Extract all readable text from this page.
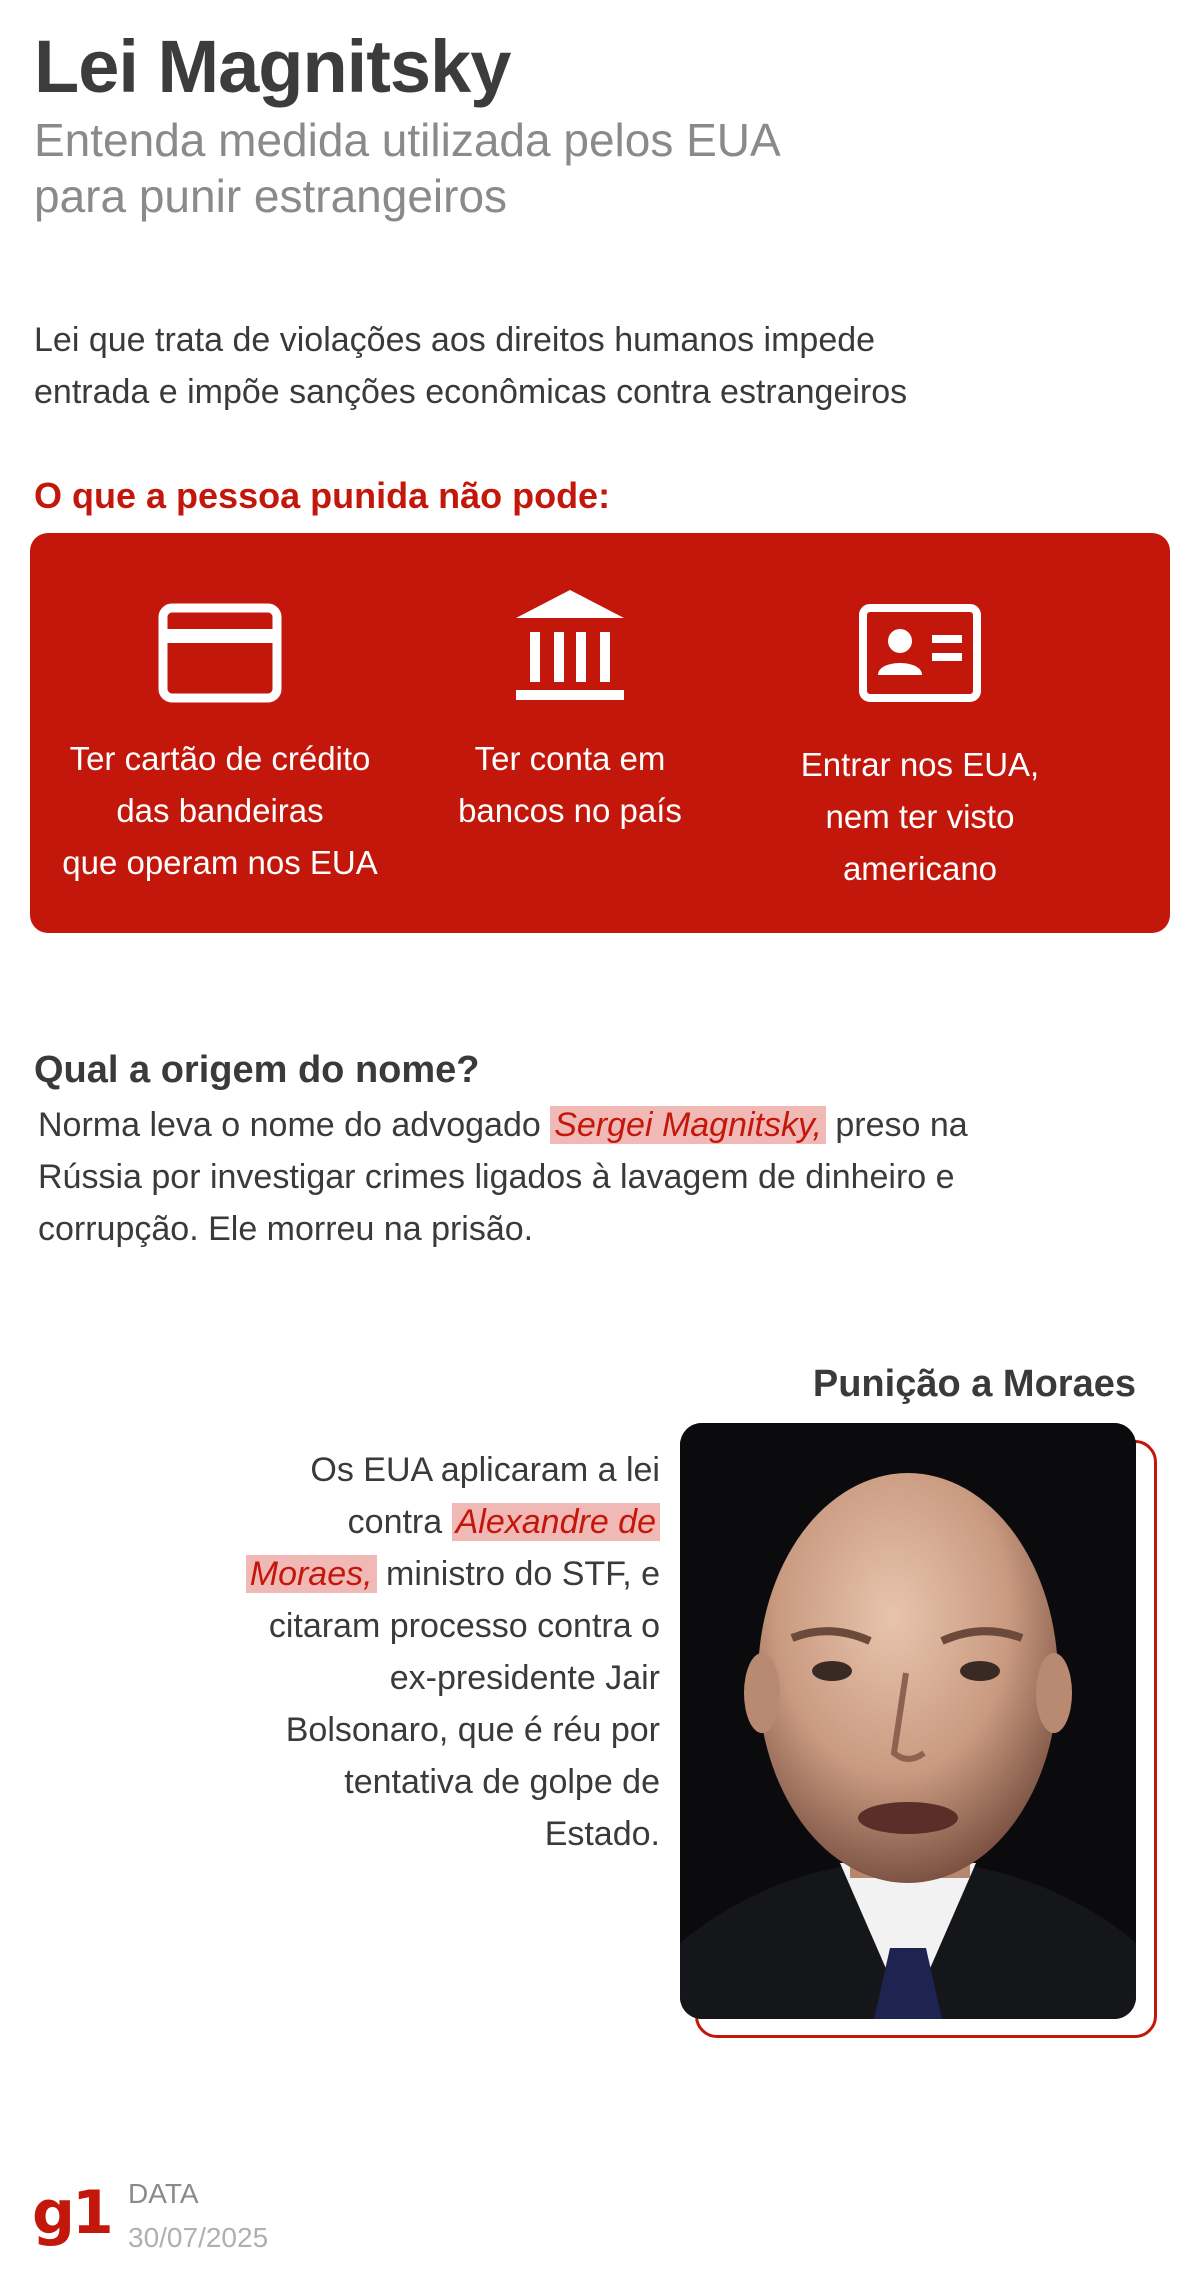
Lei Magnitsky
Entenda medida utilizada pelos EUA
para punir estrangeiros
Lei que trata de violações aos direitos humanos impede
entrada e impõe sanções econômicas contra estrangeiros
O que a pessoa punida não pode:
Ter cartão de crédito
das bandeiras
que operam nos EUA
Ter conta em
bancos no país
Entrar nos EUA,
nem ter visto
americano
Qual a origem do nome?
Norma leva o nome do advogado Sergei Magnitsky, preso na
Rússia por investigar crimes ligados à lavagem de dinheiro e
corrupção. Ele morreu na prisão.
Punição a Moraes
Os EUA aplicaram a lei
contra Alexandre de
Moraes, ministro do STF, e
citaram processo contra o
ex-presidente Jair
Bolsonaro, que é réu por
tentativa de golpe de
Estado.
g1 DATA
30/07/2025
